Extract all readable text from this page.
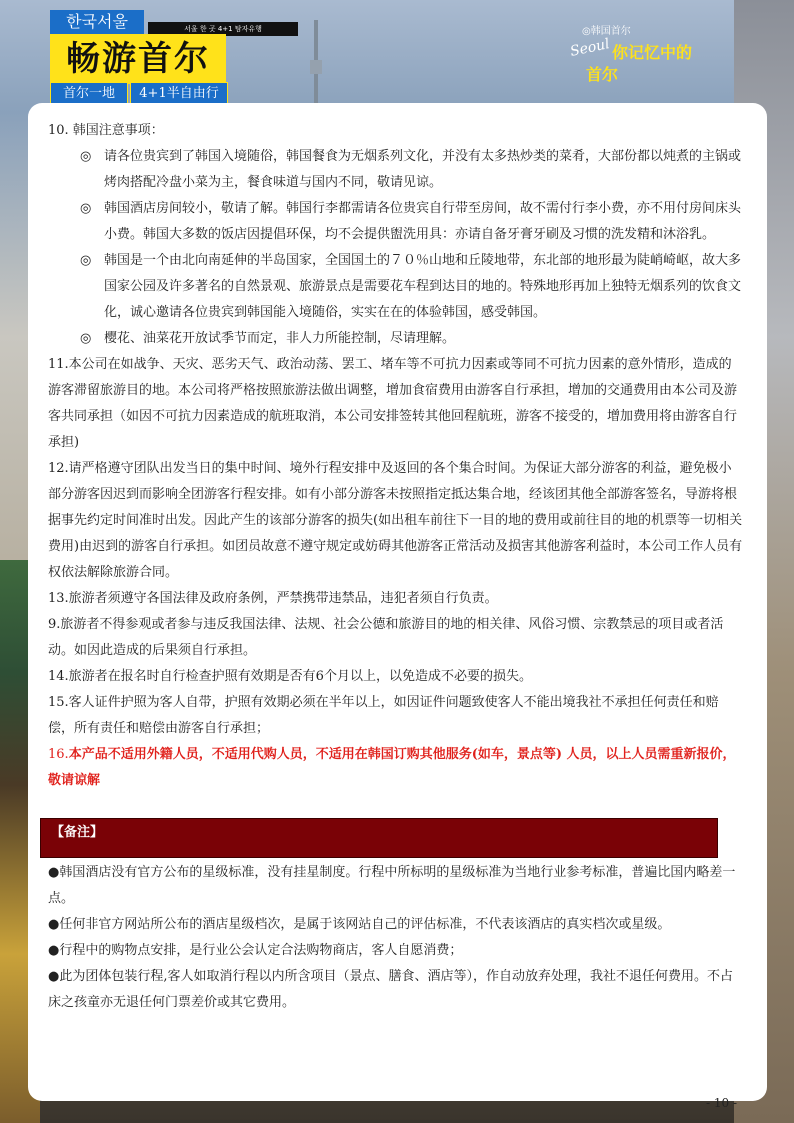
한국서울	서울 한 곳 4+1 탐자유행
畅游首尔
首尔一地	4+1半自由行
◎韩国首尔
Seoul 你记忆中的
首尔

10. 韩国注意事项：

◎ 请各位贵宾到了韩国入境随俗，韩国餐食为无烟系列文化，并没有太多热炒类的菜肴，大部份都以炖煮的主锅或烤肉搭配冷盘小菜为主，餐食味道与国内不同，敬请见谅。
◎ 韩国酒店房间较小，敬请了解。韩国行李都需请各位贵宾自行带至房间，故不需付行李小费，亦不用付房间床头小费。韩国大多数的饭店因提倡环保，均不会提供盥洗用具：亦请自备牙膏牙刷及习惯的洗发精和沐浴乳。
◎ 韩国是一个由北向南延伸的半岛国家，全国国土的７０％山地和丘陵地带，东北部的地形最为陡峭崎岖，故大多国家公园及许多著名的自然景观、旅游景点是需要花车程到达目的地的。特殊地形再加上独特无烟系列的饮食文化，诚心邀请各位贵宾到韩国能入境随俗，实实在在的体验韩国，感受韩国。
◎ 樱花、油菜花开放试季节而定，非人力所能控制，尽请理解。

11.本公司在如战争、天灾、恶劣天气、政治动荡、罢工、堵车等不可抗力因素或等同不可抗力因素的意外情形，造成的游客滞留旅游目的地。本公司将严格按照旅游法做出调整，增加食宿费用由游客自行承担，增加的交通费用由本公司及游客共同承担（如因不可抗力因素造成的航班取消，本公司安排签转其他回程航班，游客不接受的，增加费用将由游客自行承担)

12.请严格遵守团队出发当日的集中时间、境外行程安排中及返回的各个集合时间。为保证大部分游客的利益，避免极小部分游客因迟到而影响全团游客行程安排。如有小部分游客未按照指定抵达集合地，经该团其他全部游客签名，导游将根据事先约定时间准时出发。因此产生的该部分游客的损失(如出租车前往下一目的地的费用或前往目的地的机票等一切相关费用)由迟到的游客自行承担。如团员故意不遵守规定或妨碍其他游客正常活动及损害其他游客利益时，本公司工作人员有权依法解除旅游合同。

13.旅游者须遵守各国法律及政府条例，严禁携带违禁品，违犯者须自行负责。

9.旅游者不得参观或者参与违反我国法律、法规、社会公德和旅游目的地的相关律、风俗习惯、宗教禁忌的项目或者活动。如因此造成的后果须自行承担。

14.旅游者在报名时自行检查护照有效期是否有6个月以上，以免造成不必要的损失。

15.客人证件护照为客人自带，护照有效期必须在半年以上，如因证件问题致使客人不能出境我社不承担任何责任和赔偿，所有责任和赔偿由游客自行承担；

16.本产品不适用外籍人员，不适用代购人员，不适用在韩国订购其他服务(如车，景点等) 人员，以上人员需重新报价，敬请谅解

【备注】

●韩国酒店没有官方公布的星级标准，没有挂星制度。行程中所标明的星级标准为当地行业参考标准，普遍比国内略差一点。

●任何非官方网站所公布的酒店星级档次，是属于该网站自己的评估标准，不代表该酒店的真实档次或星级。

●行程中的购物点安排，是行业公会认定合法购物商店，客人自愿消费；

●此为团体包装行程,客人如取消行程以内所含项目（景点、膳食、酒店等），作自动放弃处理，我社不退任何费用。不占床之孩童亦无退任何门票差价或其它费用。

- 10 -
